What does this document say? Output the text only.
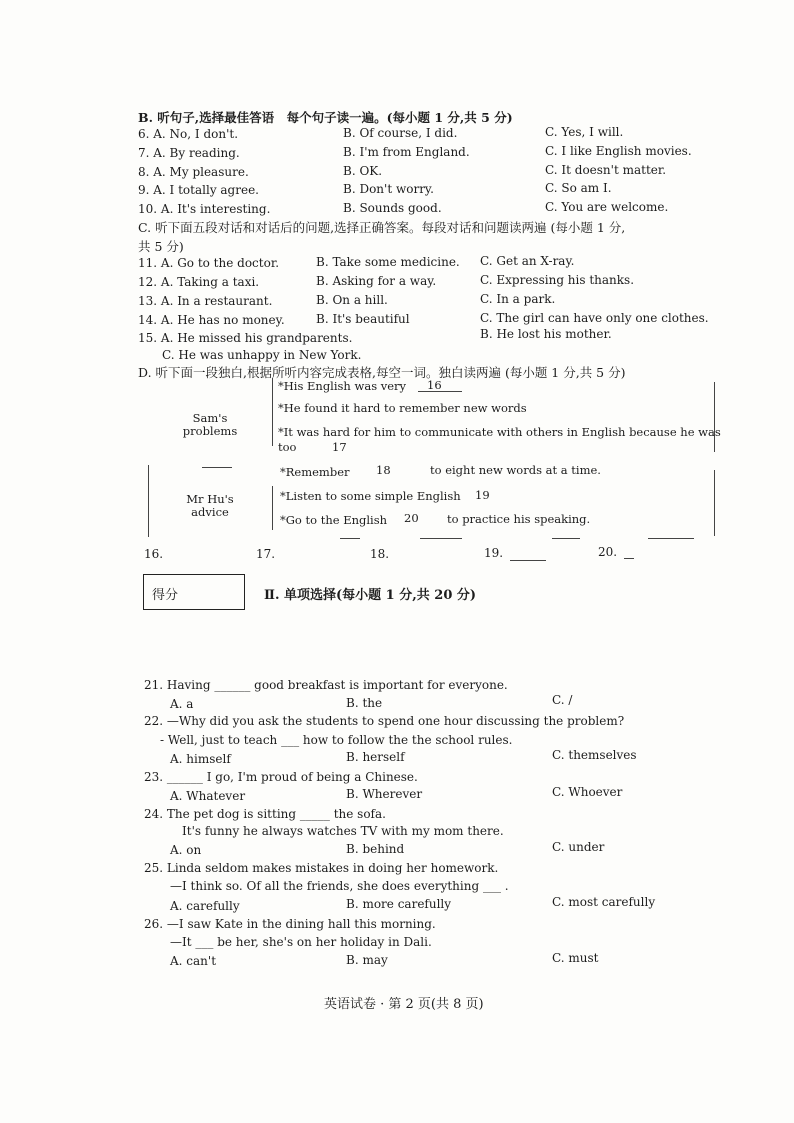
B. 听句子,选择最佳答语　每个句子读一遍。(每小题 1 分,共 5 分)
6. A. No, I don't.	B. Of course, I did.	C. Yes, I will.
7. A. By reading.	B. I'm from England.	C. I like English movies.
8. A. My pleasure.	B. OK.	C. It doesn't matter.
9. A. I totally agree.	B. Don't worry.	C. So am I.
10. A. It's interesting.	B. Sounds good.	C. You are welcome.
C. 听下面五段对话和对话后的问题,选择正确答案。每段对话和问题读两遍 (每小题 1 分,
共 5 分)
11. A. Go to the doctor.	B. Take some medicine. C. Get an X-ray.
12. A. Taking a taxi.	B. Asking for a way.	C. Expressing his thanks.
13. A. In a restaurant.	B. On a hill.	C. In a park.
14. A. He has no money.	B. It's beautiful	C. The girl can have only one clothes.
15. A. He missed his grandparents.	B. He lost his mother.
C. He was unhappy in New York.
D. 听下面一段独白,根据所听内容完成表格,每空一词。独白读两遍 (每小题 1 分,共 5 分)
Sam's problems
*His English was very 16
*He found it hard to remember new words
*It was hard for him to communicate with others in English because he was
too	17
Mr Hu's advice
*Remember 18	to eight new words at a time.
*Listen to some simple English 19
*Go to the English 20 to practice his speaking.
16.	17.	18.	19.	20.
得分	Ⅱ. 单项选择(每小题 1 分,共 20 分)
21. Having ______ good breakfast is important for everyone.
A. a	B. the	C. /
22. —Why did you ask the students to spend one hour discussing the problem?
- Well, just to teach ___ how to follow the the school rules.
A. himself	B. herself	C. themselves
23. ______ I go, I'm proud of being a Chinese.
A. Whatever	B. Wherever	C. Whoever
24. The pet dog is sitting _____ the sofa.
It's funny he always watches TV with my mom there.
A. on	B. behind	C. under
25. Linda seldom makes mistakes in doing her homework.
—I think so. Of all the friends, she does everything ___ .
A. carefully	B. more carefully	C. most carefully
26. —I saw Kate in the dining hall this morning.
—It ___ be her, she's on her holiday in Dali.
A. can't	B. may	C. must
英语试卷 · 第 2 页(共 8 页)
